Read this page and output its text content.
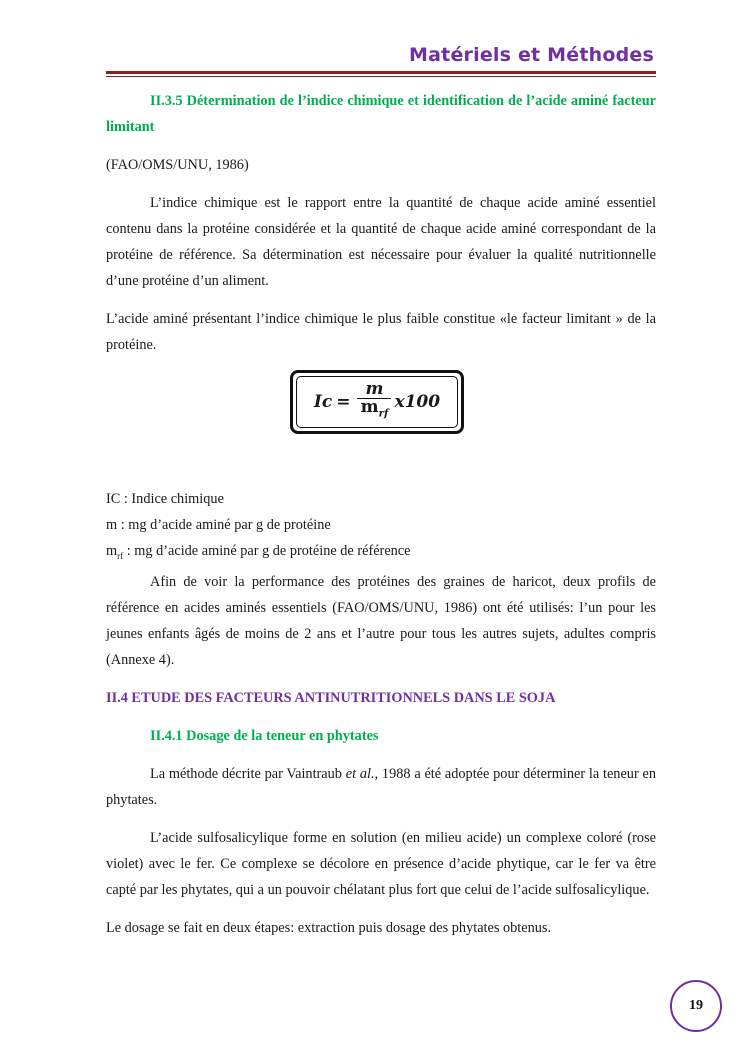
Matériels et Méthodes

II.3.5 Détermination de l’indice chimique et identification de l’acide aminé facteur limitant

(FAO/OMS/UNU, 1986)

L’indice chimique est le rapport entre la quantité de chaque acide aminé essentiel contenu dans la protéine considérée et la quantité de chaque acide aminé correspondant de la protéine de référence. Sa détermination est nécessaire pour évaluer la qualité nutritionnelle d’une protéine d’un aliment.

L’acide aminé présentant l’indice chimique le plus faible constitue «le facteur limitant » de la protéine.

$Ic = \frac{m}{m_{rf}} x100$

IC : Indice chimique

m : mg d’acide aminé par g de protéine

$m_{rf}$ : mg d’acide aminé par g de protéine de référence

Afin de voir la performance des protéines des graines de haricot, deux profils de référence en acides aminés essentiels (FAO/OMS/UNU, 1986) ont été utilisés: l’un pour les jeunes enfants âgés de moins de 2 ans et l’autre pour tous les autres sujets, adultes compris (Annexe 4).

II.4 ETUDE DES FACTEURS ANTINUTRITIONNELS DANS LE SOJA

II.4.1 Dosage de la teneur en phytates

La méthode décrite par Vaintraub et al., 1988 a été adoptée pour déterminer la teneur en phytates.

L’acide sulfosalicylique forme en solution (en milieu acide) un complexe coloré (rose violet) avec le fer. Ce complexe se décolore en présence d’acide phytique, car le fer va être capté par les phytates, qui a un pouvoir chélatant plus fort que celui de l’acide sulfosalicylique.

Le dosage se fait en deux étapes: extraction puis dosage des phytates obtenus.

19
